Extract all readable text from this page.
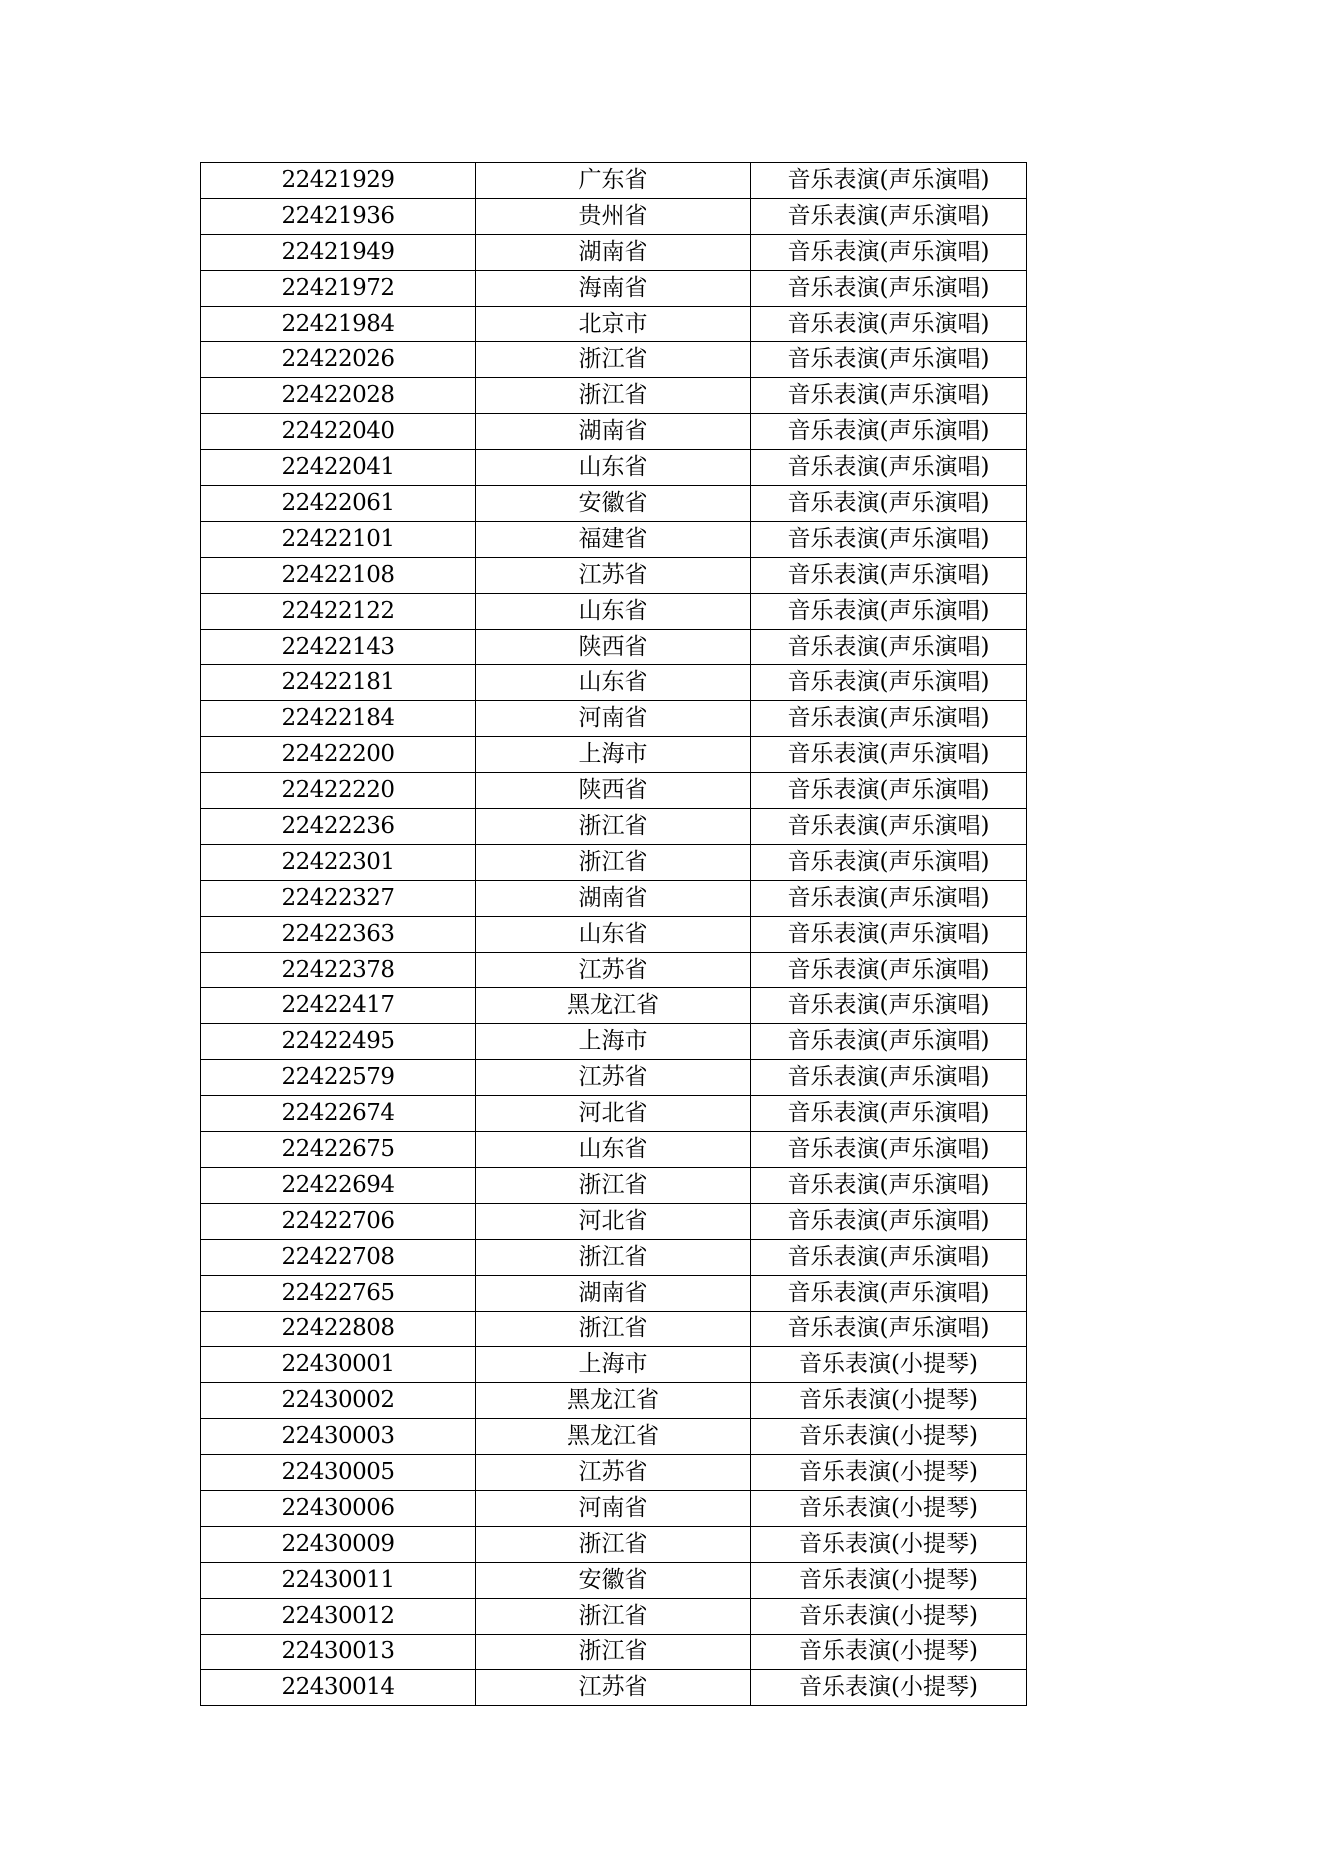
22421929	广东省	音乐表演(声乐演唱)
22421936	贵州省	音乐表演(声乐演唱)
22421949	湖南省	音乐表演(声乐演唱)
22421972	海南省	音乐表演(声乐演唱)
22421984	北京市	音乐表演(声乐演唱)
22422026	浙江省	音乐表演(声乐演唱)
22422028	浙江省	音乐表演(声乐演唱)
22422040	湖南省	音乐表演(声乐演唱)
22422041	山东省	音乐表演(声乐演唱)
22422061	安徽省	音乐表演(声乐演唱)
22422101	福建省	音乐表演(声乐演唱)
22422108	江苏省	音乐表演(声乐演唱)
22422122	山东省	音乐表演(声乐演唱)
22422143	陕西省	音乐表演(声乐演唱)
22422181	山东省	音乐表演(声乐演唱)
22422184	河南省	音乐表演(声乐演唱)
22422200	上海市	音乐表演(声乐演唱)
22422220	陕西省	音乐表演(声乐演唱)
22422236	浙江省	音乐表演(声乐演唱)
22422301	浙江省	音乐表演(声乐演唱)
22422327	湖南省	音乐表演(声乐演唱)
22422363	山东省	音乐表演(声乐演唱)
22422378	江苏省	音乐表演(声乐演唱)
22422417	黑龙江省	音乐表演(声乐演唱)
22422495	上海市	音乐表演(声乐演唱)
22422579	江苏省	音乐表演(声乐演唱)
22422674	河北省	音乐表演(声乐演唱)
22422675	山东省	音乐表演(声乐演唱)
22422694	浙江省	音乐表演(声乐演唱)
22422706	河北省	音乐表演(声乐演唱)
22422708	浙江省	音乐表演(声乐演唱)
22422765	湖南省	音乐表演(声乐演唱)
22422808	浙江省	音乐表演(声乐演唱)
22430001	上海市	音乐表演(小提琴)
22430002	黑龙江省	音乐表演(小提琴)
22430003	黑龙江省	音乐表演(小提琴)
22430005	江苏省	音乐表演(小提琴)
22430006	河南省	音乐表演(小提琴)
22430009	浙江省	音乐表演(小提琴)
22430011	安徽省	音乐表演(小提琴)
22430012	浙江省	音乐表演(小提琴)
22430013	浙江省	音乐表演(小提琴)
22430014	江苏省	音乐表演(小提琴)
